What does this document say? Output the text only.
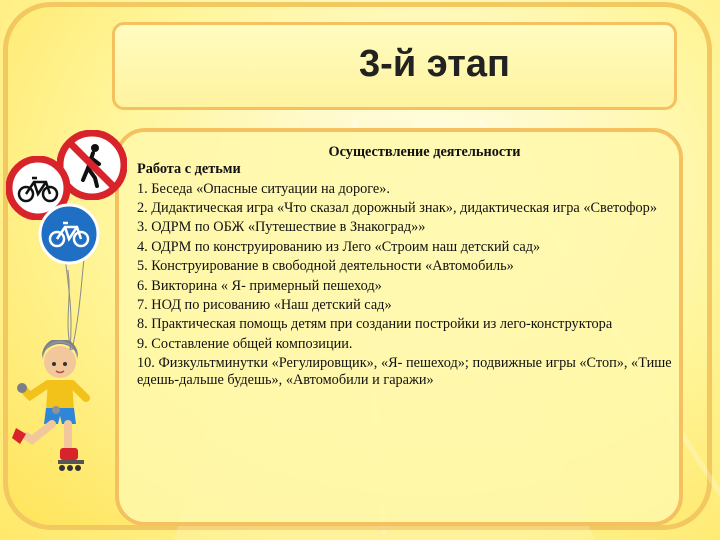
3-й этап
Осуществление деятельности
Работа с детьми
1. Беседа «Опасные ситуации на дороге».
2. Дидактическая игра «Что сказал дорожный знак», дидактическая игра «Светофор»
3. ОДРМ по ОБЖ «Путешествие в Знакоград»»
4. ОДРМ по конструированию из Лего «Строим наш детский сад»
5. Конструирование в свободной деятельности «Автомобиль»
6. Викторина « Я- примерный пешеход»
7. НОД по рисованию «Наш детский сад»
8. Практическая помощь детям при создании постройки из лего-конструктора
9. Составление общей композиции.
10. Физкультминутки «Регулировщик», «Я- пешеход»; подвижные игры «Стоп», «Тише едешь-дальше будешь», «Автомобили и гаражи»
